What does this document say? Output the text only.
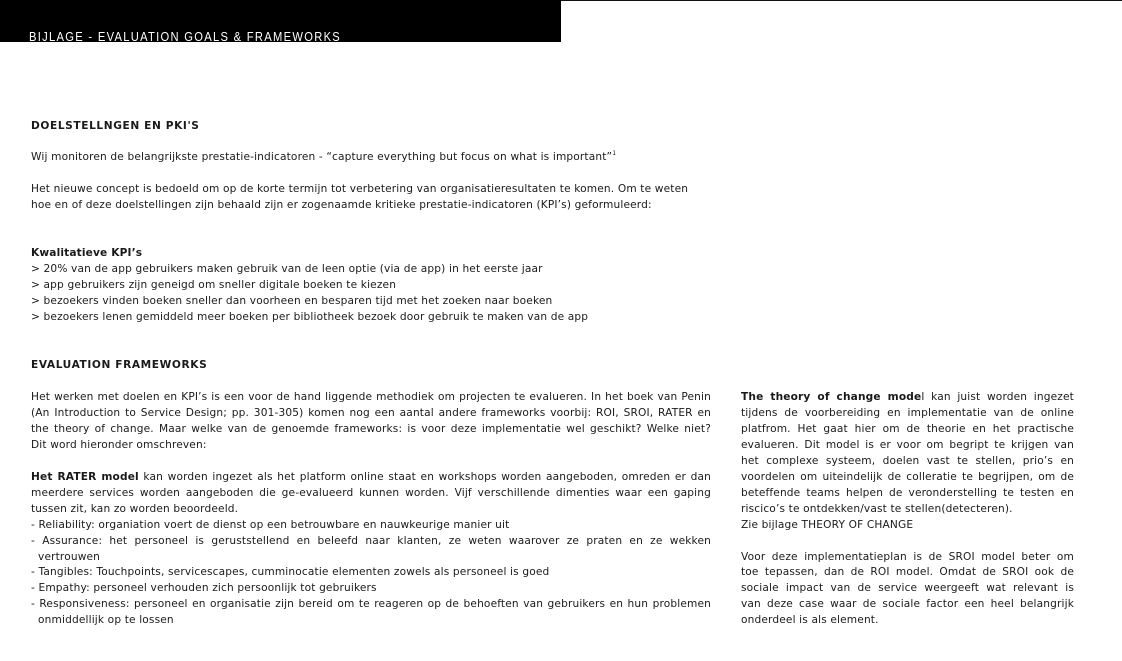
BIJLAGE - EVALUATION GOALS & FRAMEWORKS
DOELSTELLNGEN EN PKI'S
Wij monitoren de belangrijkste prestatie-indicatoren - “capture everything but focus on what is important”$^1$
Het nieuwe concept is bedoeld om op de korte termijn tot verbetering van organisatieresultaten te komen. Om te weten
hoe en of deze doelstellingen zijn behaald zijn er zogenaamde kritieke prestatie-indicatoren (KPI’s) geformuleerd:
Kwalitatieve KPI’s
> 20% van de app gebruikers maken gebruik van de leen optie (via de app) in het eerste jaar
> app gebruikers zijn geneigd om sneller digitale boeken te kiezen
> bezoekers vinden boeken sneller dan voorheen en besparen tijd met het zoeken naar boeken
> bezoekers lenen gemiddeld meer boeken per bibliotheek bezoek door gebruik te maken van de app
EVALUATION FRAMEWORKS
Het werken met doelen en KPI’s is een voor de hand liggende methodiek om projecten te evalueren. In het boek van Penin
(An Introduction to Service Design; pp. 301-305) komen nog een aantal andere frameworks voorbij: ROI, SROI, RATER en
the theory of change. Maar welke van de genoemde frameworks: is voor deze implementatie wel geschikt? Welke niet?
Dit word hieronder omschreven:
Het RATER model kan worden ingezet als het platform online staat en workshops worden aangeboden, omreden er dan
meerdere services worden aangeboden die ge-evalueerd kunnen worden. Vijf verschillende dimenties waar een gaping
tussen zit, kan zo worden beoordeeld.
- Reliability: organiation voert de dienst op een betrouwbare en nauwkeurige manier uit
- Assurance: het personeel is geruststellend en beleefd naar klanten, ze weten waarover ze praten en ze wekken
vertrouwen
- Tangibles: Touchpoints, servicescapes, cumminocatie elementen zowels als personeel is goed
- Empathy: personeel verhouden zich persoonlijk tot gebruikers
- Responsiveness: personeel en organisatie zijn bereid om te reageren op de behoeften van gebruikers en hun problemen
onmiddellijk op te lossen
The theory of change model kan juist worden ingezet
tijdens de voorbereiding en implementatie van de online
platfrom. Het gaat hier om de theorie en het practische
evalueren. Dit model is er voor om begript te krijgen van
het complexe systeem, doelen vast te stellen, prio’s en
voordelen om uiteindelijk de colleratie te begrijpen, om de
beteffende teams helpen de veronderstelling te testen en
riscico’s te ontdekken/vast te stellen(detecteren).
Zie bijlage THEORY OF CHANGE
Voor deze implementatieplan is de SROI model beter om
toe tepassen, dan de ROI model. Omdat de SROI ook de
sociale impact van de service weergeeft wat relevant is
van deze case waar de sociale factor een heel belangrijk
onderdeel is als element.
